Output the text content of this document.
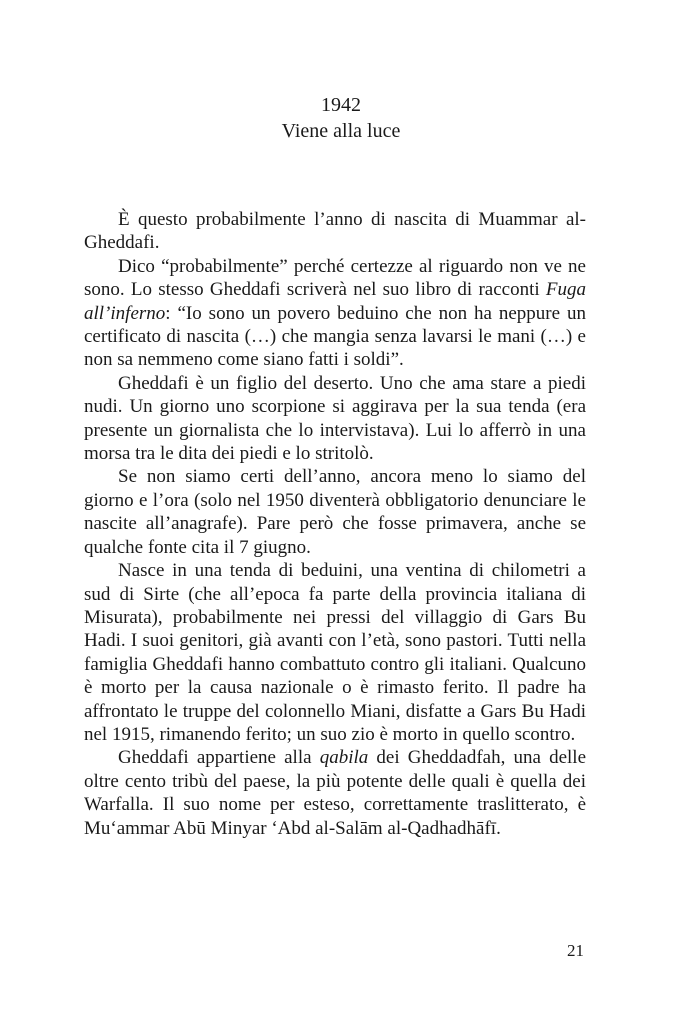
1942
Viene alla luce

È questo probabilmente l’anno di nascita di Muammar al-Gheddafi.

Dico “probabilmente” perché certezze al riguardo non ve ne sono. Lo stesso Gheddafi scriverà nel suo libro di racconti Fuga all’inferno: “Io sono un povero beduino che non ha neppure un certificato di nascita (…) che mangia senza lavarsi le mani (…) e non sa nemmeno come siano fatti i soldi”.

Gheddafi è un figlio del deserto. Uno che ama stare a piedi nudi. Un giorno uno scorpione si aggirava per la sua tenda (era presente un giornalista che lo intervistava). Lui lo afferrò in una morsa tra le dita dei piedi e lo stritolò.

Se non siamo certi dell’anno, ancora meno lo siamo del giorno e l’ora (solo nel 1950 diventerà obbligatorio denunciare le nascite all’anagrafe). Pare però che fosse primavera, anche se qualche fonte cita il 7 giugno.

Nasce in una tenda di beduini, una ventina di chilometri a sud di Sirte (che all’epoca fa parte della provincia italiana di Misurata), probabilmente nei pressi del villaggio di Gars Bu Hadi. I suoi genitori, già avanti con l’età, sono pastori. Tutti nella famiglia Gheddafi hanno combattuto contro gli italiani. Qualcuno è morto per la causa nazionale o è rimasto ferito. Il padre ha affrontato le truppe del colonnello Miani, disfatte a Gars Bu Hadi nel 1915, rimanendo ferito; un suo zio è morto in quello scontro.

Gheddafi appartiene alla qabila dei Gheddadfah, una delle oltre cento tribù del paese, la più potente delle quali è quella dei Warfalla. Il suo nome per esteso, correttamente traslitterato, è Mu‘ammar Abū Minyar ‘Abd al-Salām al-Qadhadhāfī.

21
